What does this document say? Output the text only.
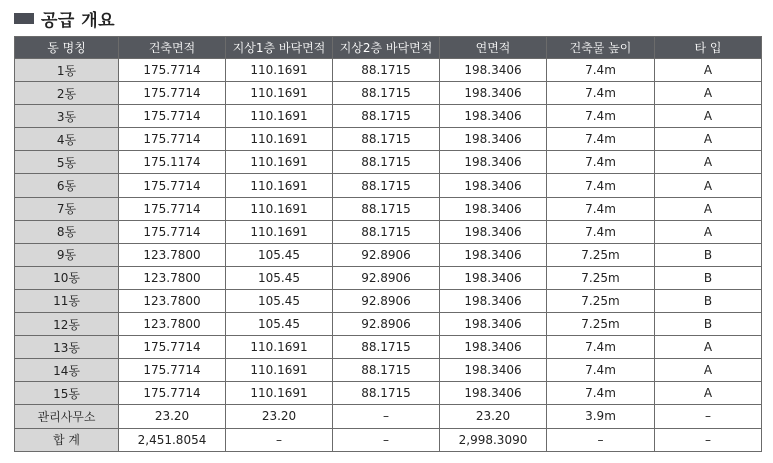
공급 개요
동 명칭	건축면적	지상1층 바닥면적	지상2층 바닥면적	연면적	건축물 높이	타 입
1동	175.7714	110.1691	88.1715	198.3406	7.4m	A
2동	175.7714	110.1691	88.1715	198.3406	7.4m	A
3동	175.7714	110.1691	88.1715	198.3406	7.4m	A
4동	175.7714	110.1691	88.1715	198.3406	7.4m	A
5동	175.1174	110.1691	88.1715	198.3406	7.4m	A
6동	175.7714	110.1691	88.1715	198.3406	7.4m	A
7동	175.7714	110.1691	88.1715	198.3406	7.4m	A
8동	175.7714	110.1691	88.1715	198.3406	7.4m	A
9동	123.7800	105.45	92.8906	198.3406	7.25m	B
10동	123.7800	105.45	92.8906	198.3406	7.25m	B
11동	123.7800	105.45	92.8906	198.3406	7.25m	B
12동	123.7800	105.45	92.8906	198.3406	7.25m	B
13동	175.7714	110.1691	88.1715	198.3406	7.4m	A
14동	175.7714	110.1691	88.1715	198.3406	7.4m	A
15동	175.7714	110.1691	88.1715	198.3406	7.4m	A
관리사무소	23.20	23.20	–	23.20	3.9m	–
합 계	2,451.8054	–	–	2,998.3090	–	–
